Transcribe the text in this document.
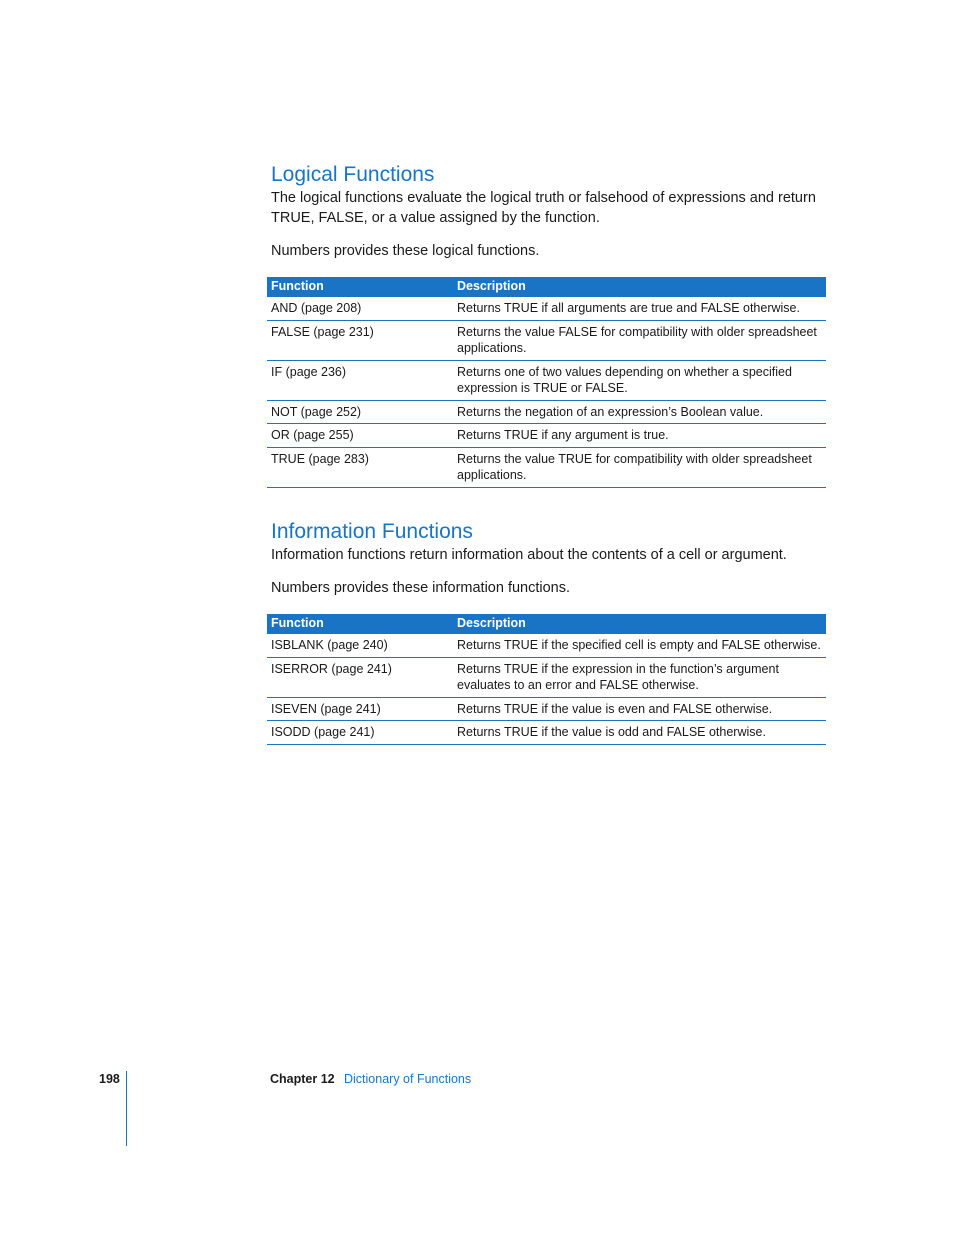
Logical Functions

The logical functions evaluate the logical truth or falsehood of expressions and return TRUE, FALSE, or a value assigned by the function.

Numbers provides these logical functions.

Function	Description
AND (page 208)	Returns TRUE if all arguments are true and FALSE otherwise.
FALSE (page 231)	Returns the value FALSE for compatibility with older spreadsheet applications.
IF (page 236)	Returns one of two values depending on whether a specified expression is TRUE or FALSE.
NOT (page 252)	Returns the negation of an expression’s Boolean value.
OR (page 255)	Returns TRUE if any argument is true.
TRUE (page 283)	Returns the value TRUE for compatibility with older spreadsheet applications.
Information Functions

Information functions return information about the contents of a cell or argument.

Numbers provides these information functions.

Function	Description
ISBLANK (page 240)	Returns TRUE if the specified cell is empty and FALSE otherwise.
ISERROR (page 241)	Returns TRUE if the expression in the function’s argument evaluates to an error and FALSE otherwise.
ISEVEN (page 241)	Returns TRUE if the value is even and FALSE otherwise.
ISODD (page 241)	Returns TRUE if the value is odd and FALSE otherwise.
198	Chapter 12 Dictionary of Functions
